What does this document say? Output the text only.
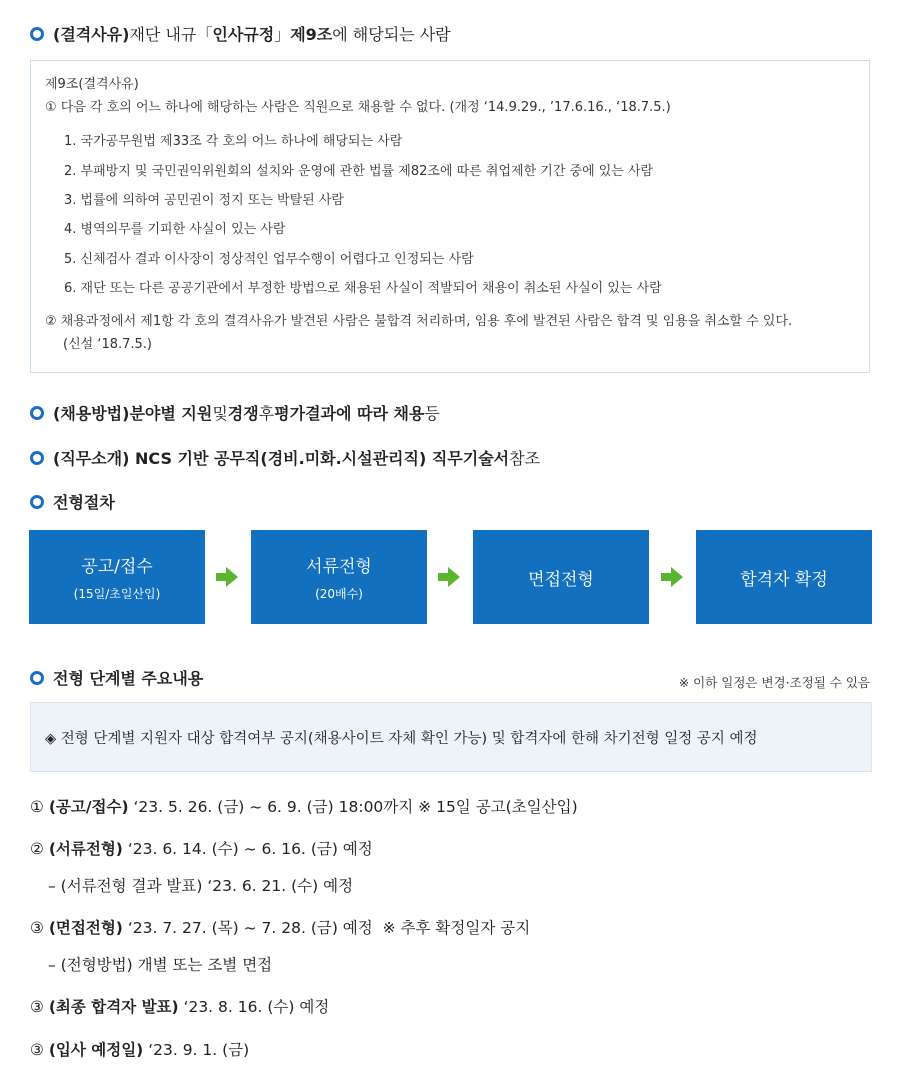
(결격사유) 재단 내규「 인사규정 」 제9조 에 해당되는 사람
제9조(결격사유)
① 다음 각 호의 어느 하나에 해당하는 사람은 직원으로 채용할 수 없다. (개정 ‘14.9.29., ’17.6.16., ‘18.7.5.)
1. 국가공무원법 제33조 각 호의 어느 하나에 해당되는 사람
2. 부패방지 및 국민권익위원회의 설치와 운영에 관한 법률 제82조에 따른 취업제한 기간 중에 있는 사람
3. 법률에 의하여 공민권이 정지 또는 박탈된 사람
4. 병역의무를 기피한 사실이 있는 사람
5. 신체검사 결과 이사장이 정상적인 업무수행이 어렵다고 인정되는 사람
6. 재단 또는 다른 공공기관에서 부정한 방법으로 채용된 사실이 적발되어 채용이 취소된 사실이 있는 사람
② 채용과정에서 제1항 각 호의 결격사유가 발견된 사람은 불합격 처리하며, 임용 후에 발견된 사람은 합격 및 임용을 취소할 수 있다.
(신설 ‘18.7.5.)
(채용방법) 분야별 지원 및 경쟁 후 평가결과에 따라 채용 등
(직무소개) NCS 기반 공무직(경비.미화.시설관리직) 직무기술서 참조
전형절차
공고/접수
(15일/초일산입)
서류전형
(20배수)
면접전형	합격자 확정
전형 단계별 주요내용	※ 이하 일정은 변경·조정될 수 있음
◈ 전형 단계별 지원자 대상 합격여부 공지(채용사이트 자체 확인 가능) 및 합격자에 한해 차기전형 일정 공지 예정
① (공고/접수) ‘23. 5. 26. (금) ~ 6. 9. (금) 18:00까지 ※ 15일 공고(초일산입)
② (서류전형) ‘23. 6. 14. (수) ~ 6. 16. (금) 예정
– (서류전형 결과 발표) ‘23. 6. 21. (수) 예정
③ (면접전형) ‘23. 7. 27. (목) ~ 7. 28. (금) 예정  ※ 추후 확정일자 공지
– (전형방법) 개별 또는 조별 면접
③ (최종 합격자 발표) ‘23. 8. 16. (수) 예정
③ (입사 예정일) ‘23. 9. 1. (금)
